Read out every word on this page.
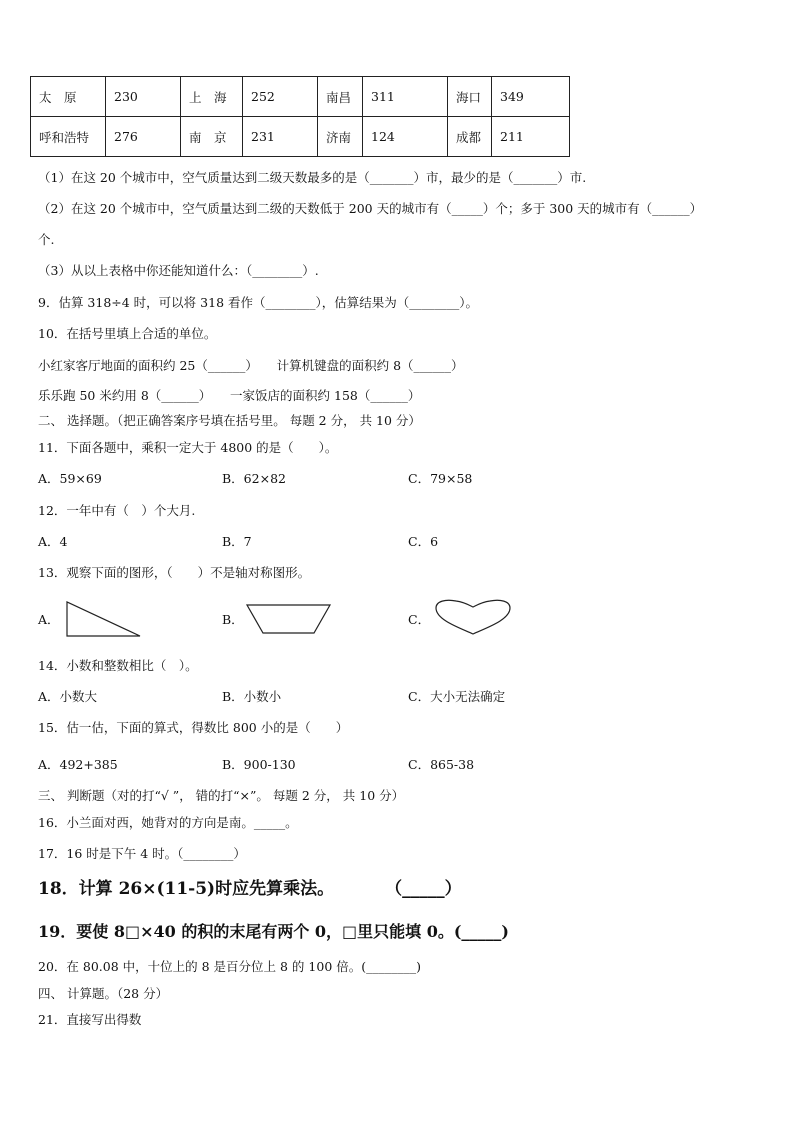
太　原	230	上　海	252	南昌	311	海口	349
呼和浩特	276	南　京	231	济南	124	成都	211
（1）在这 20 个城市中，空气质量达到二级天数最多的是（_______）市，最少的是（_______）市.
（2）在这 20 个城市中，空气质量达到二级的天数低于 200 天的城市有（_____）个；多于 300 天的城市有（______）
个.
（3）从以上表格中你还能知道什么：（________）.
9．估算 318÷4 时，可以将 318 看作（________），估算结果为（________）。
10．在括号里填上合适的单位。
小红家客厅地面的面积约 25（______）　　计算机键盘的面积约 8（______）
乐乐跑 50 米约用 8（______）　　一家饭店的面积约 158（______）
二、 选择题。（把正确答案序号填在括号里。 每题 2 分， 共 10 分）
11．下面各题中，乘积一定大于 4800 的是（　　）。
A．59×69	B．62×82	C．79×58
12．一年中有（　）个大月.
A．4	B．7	C．6
13．观察下面的图形，（　　）不是轴对称图形。
A．	B．	C．
14．小数和整数相比（　）。
A．小数大	B．小数小	C．大小无法确定
15．估一估，下面的算式，得数比 800 小的是（　　）
A．492+385	B．900-130	C．865-38
三、 判断题（对的打“√ ”， 错的打“×”。 每题 2 分， 共 10 分）
16．小兰面对西，她背对的方向是南。_____。
17．16 时是下午 4 时。（________）
18．计算 26×(11-5)时应先算乘法。　　　　（_____）
19．要使 8□×40 的积的末尾有两个 0，□里只能填 0。(_____)
20．在 80.08 中，十位上的 8 是百分位上 8 的 100 倍。(________)
四、 计算题。（28 分）
21．直接写出得数
